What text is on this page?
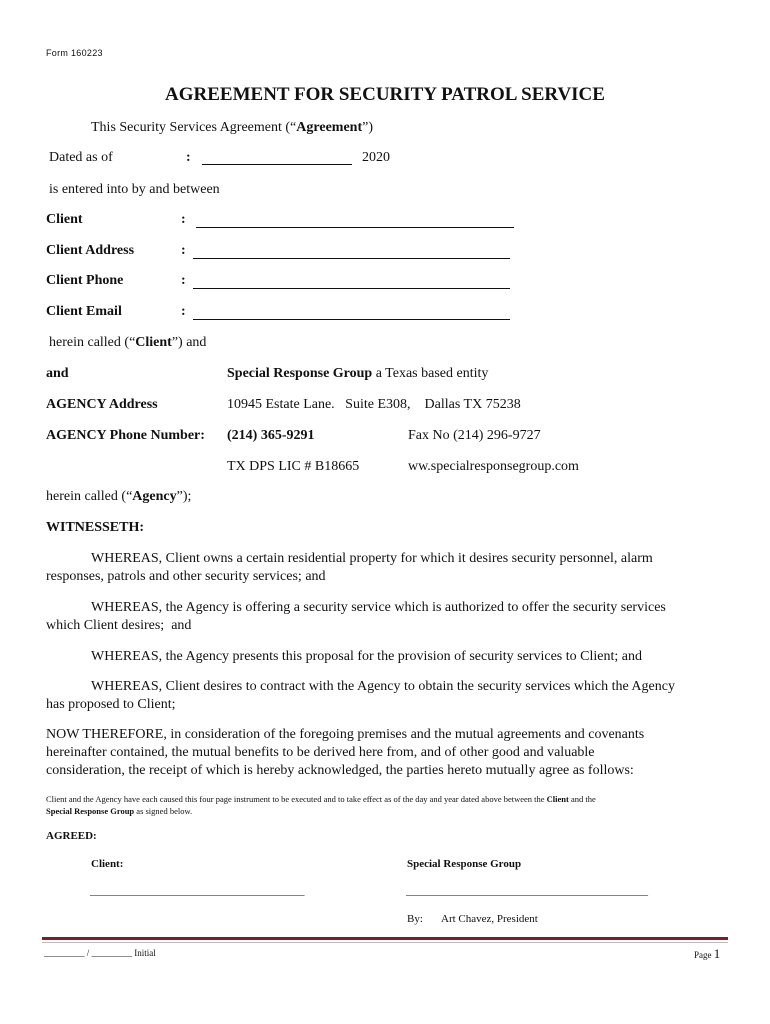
Form 160223
AGREEMENT FOR SECURITY PATROL SERVICE
This Security Services Agreement (“Agreement”)
Dated as of	:	2020
is entered into by and between
Client	:
Client Address	:
Client Phone	:
Client Email	:
herein called (“Client”) and
and	Special Response Group a Texas based entity
AGENCY Address	10945 Estate Lane.   Suite E308,    Dallas TX 75238
AGENCY Phone Number: (214) 365-9291	Fax No (214) 296-9727
TX DPS LIC # B18665	ww.specialresponsegroup.com
herein called (“Agency”);
WITNESSETH:
WHEREAS, Client owns a certain residential property for which it desires security personnel, alarm
responses, patrols and other security services; and
WHEREAS, the Agency is offering a security service which is authorized to offer the security services
which Client desires;  and
WHEREAS, the Agency presents this proposal for the provision of security services to Client; and
WHEREAS, Client desires to contract with the Agency to obtain the security services which the Agency
has proposed to Client;
NOW THEREFORE, in consideration of the foregoing premises and the mutual agreements and covenants
hereinafter contained, the mutual benefits to be derived here from, and of other good and valuable
consideration, the receipt of which is hereby acknowledged, the parties hereto mutually agree as follows:
Client and the Agency have each caused this four page instrument to be executed and to take effect as of the day and year dated above between the Client and the
Special Response Group as signed below.
AGREED:
Client:	Special Response Group
_______________________________________	____________________________________________
By: Art Chavez, President
_________ / _________ Initial	Page 1
